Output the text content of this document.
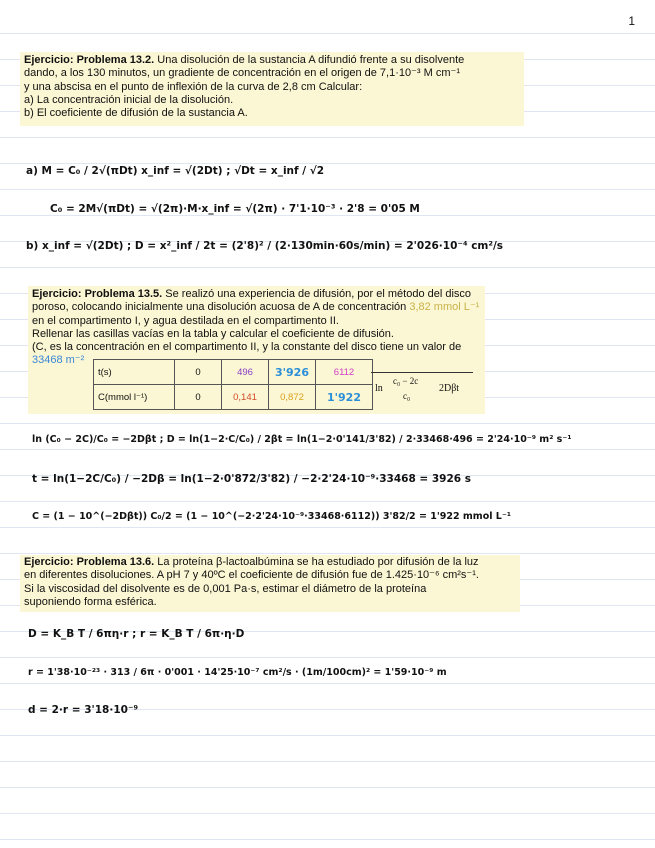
1
Ejercicio: Problema 13.2. Una disolución de la sustancia A difundió frente a su disolvente
dando, a los 130 minutos, un gradiente de concentración en el origen de 7,1·10⁻³ M cm⁻¹
y una abscisa en el punto de inflexión de la curva de 2,8 cm Calcular:
a) La concentración inicial de la disolución.
b) El coeficiente de difusión de la sustancia A.
a) M = C₀ / 2√(πDt) x_inf = √(2Dt) ; √Dt = x_inf / √2
C₀ = 2M√(πDt) = √(2π)·M·x_inf = √(2π) · 7'1·10⁻³ · 2'8 = 0'05 M
b) x_inf = √(2Dt) ; D = x²_inf / 2t = (2'8)² / (2·130min·60s/min) = 2'026·10⁻⁴ cm²/s
Ejercicio: Problema 13.5. Se realizó una experiencia de difusión, por el método del disco
poroso, colocando inicialmente una disolución acuosa de A de concentración 3,82 mmol L⁻¹
en el compartimento I, y agua destilada en el compartimento II.
Rellenar las casillas vacías en la tabla y calcular el coeficiente de difusión.
(C, es la concentración en el compartimento II, y la constante del disco tiene un valor de
33468 m⁻²
t(s)	0	496	3'926	6112
C(mmol l⁻¹)	0	0,141	0,872	1'922
ln
c₀ − 2c
c₀
2Dβt
ln (C₀ − 2C)/C₀ = −2Dβt ; D = ln(1−2·C/C₀) / 2βt = ln(1−2·0'141/3'82) / 2·33468·496 = 2'24·10⁻⁹ m² s⁻¹
t = ln(1−2C/C₀) / −2Dβ = ln(1−2·0'872/3'82) / −2·2'24·10⁻⁹·33468 = 3926 s
C = (1 − 10^(−2Dβt)) C₀/2 = (1 − 10^(−2·2'24·10⁻⁹·33468·6112)) 3'82/2 = 1'922 mmol L⁻¹
Ejercicio: Problema 13.6. La proteína β-lactoalbúmina se ha estudiado por difusión de la luz
en diferentes disoluciones. A pH 7 y 40ºC el coeficiente de difusión fue de 1.425·10⁻⁶ cm²s⁻¹.
Si la viscosidad del disolvente es de 0,001 Pa·s, estimar el diámetro de la proteína
suponiendo forma esférica.
D = K_B T / 6πη·r ; r = K_B T / 6π·η·D
r = 1'38·10⁻²³ · 313 / 6π · 0'001 · 14'25·10⁻⁷ cm²/s · (1m/100cm)² = 1'59·10⁻⁹ m
d = 2·r = 3'18·10⁻⁹
